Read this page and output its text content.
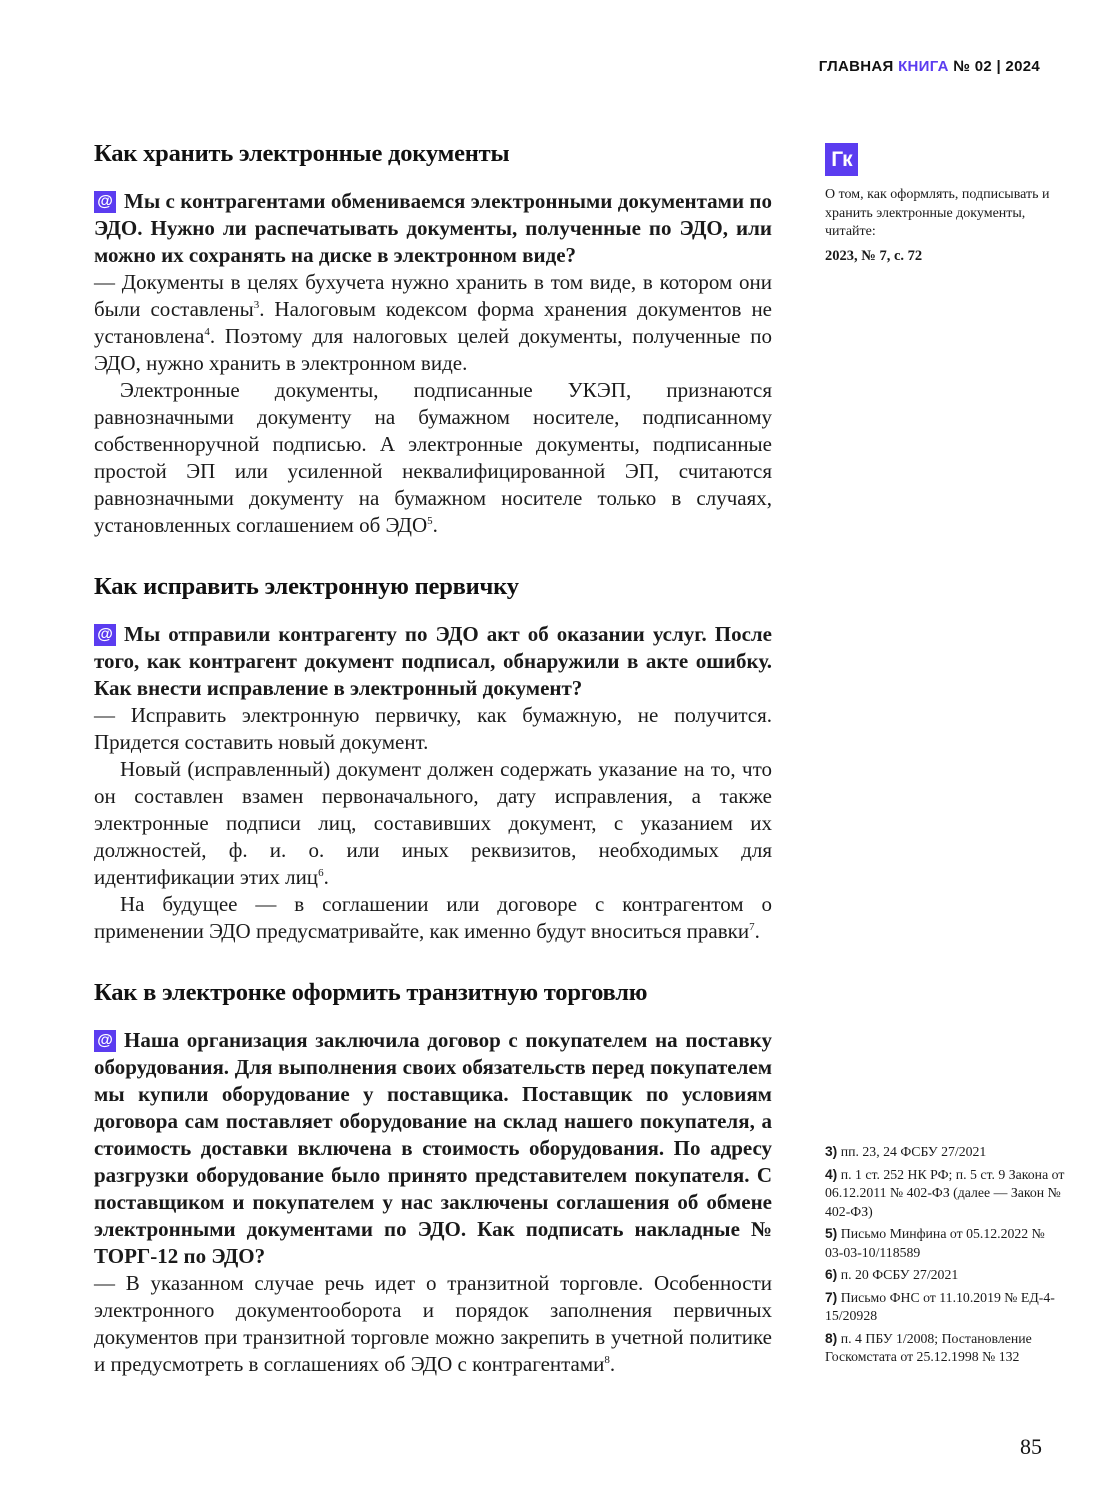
ГЛАВНАЯ КНИГА № 02 | 2024
Как хранить электронные документы

@ Мы с контрагентами обмениваемся электронными документами по ЭДО. Нужно ли распечатывать документы, полученные по ЭДО, или можно их сохранять на диске в электронном виде?

— Документы в целях бухучета нужно хранить в том виде, в котором они были составлены$^3$. Налоговым кодексом форма хранения документов не установлена$^4$. Поэтому для налоговых целей документы, полученные по ЭДО, нужно хранить в электронном виде.

Электронные документы, подписанные УКЭП, признаются равнозначными документу на бумажном носителе, подписанному собственноручной подписью. А электронные документы, подписанные простой ЭП или усиленной неквалифицированной ЭП, считаются равнозначными документу на бумажном носителе только в случаях, установленных соглашением об ЭДО$^5$.

Как исправить электронную первичку

@ Мы отправили контрагенту по ЭДО акт об оказании услуг. После того, как контрагент документ подписал, обнаружили в акте ошибку. Как внести исправление в электронный документ?

— Исправить электронную первичку, как бумажную, не получится. Придется составить новый документ.

Новый (исправленный) документ должен содержать указание на то, что он составлен взамен первоначального, дату исправления, а также электронные подписи лиц, составивших документ, с указанием их должностей, ф. и. о. или иных реквизитов, необходимых для идентификации этих лиц$^6$.

На будущее — в соглашении или договоре с контрагентом о применении ЭДО предусматривайте, как именно будут вноситься правки$^7$.

Как в электронке оформить транзитную торговлю

@ Наша организация заключила договор с покупателем на поставку оборудования. Для выполнения своих обязательств перед покупателем мы купили оборудование у поставщика. Поставщик по условиям договора сам поставляет оборудование на склад нашего покупателя, а стоимость доставки включена в стоимость оборудования. По адресу разгрузки оборудование было принято представителем покупателя. С поставщиком и покупателем у нас заключены соглашения об обмене электронными документами по ЭДО. Как подписать накладные № ТОРГ-12 по ЭДО?

— В указанном случае речь идет о транзитной торговле. Особенности электронного документооборота и порядок заполнения первичных документов при транзитной торговле можно закрепить в учетной политике и предусмотреть в соглашениях об ЭДО с контрагентами$^8$.

Гк
О том, как оформлять, подписывать и хранить электронные документы, читайте:
2023, № 7, с. 72
3) пп. 23, 24 ФСБУ 27/2021
4) п. 1 ст. 252 НК РФ; п. 5 ст. 9 Закона от 06.12.2011 № 402-ФЗ (далее — Закон № 402-ФЗ)
5) Письмо Минфина от 05.12.2022 № 03-03-10/118589
6) п. 20 ФСБУ 27/2021
7) Письмо ФНС от 11.10.2019 № ЕД-4-15/20928
8) п. 4 ПБУ 1/2008; Постановление Госкомстата от 25.12.1998 № 132
85
